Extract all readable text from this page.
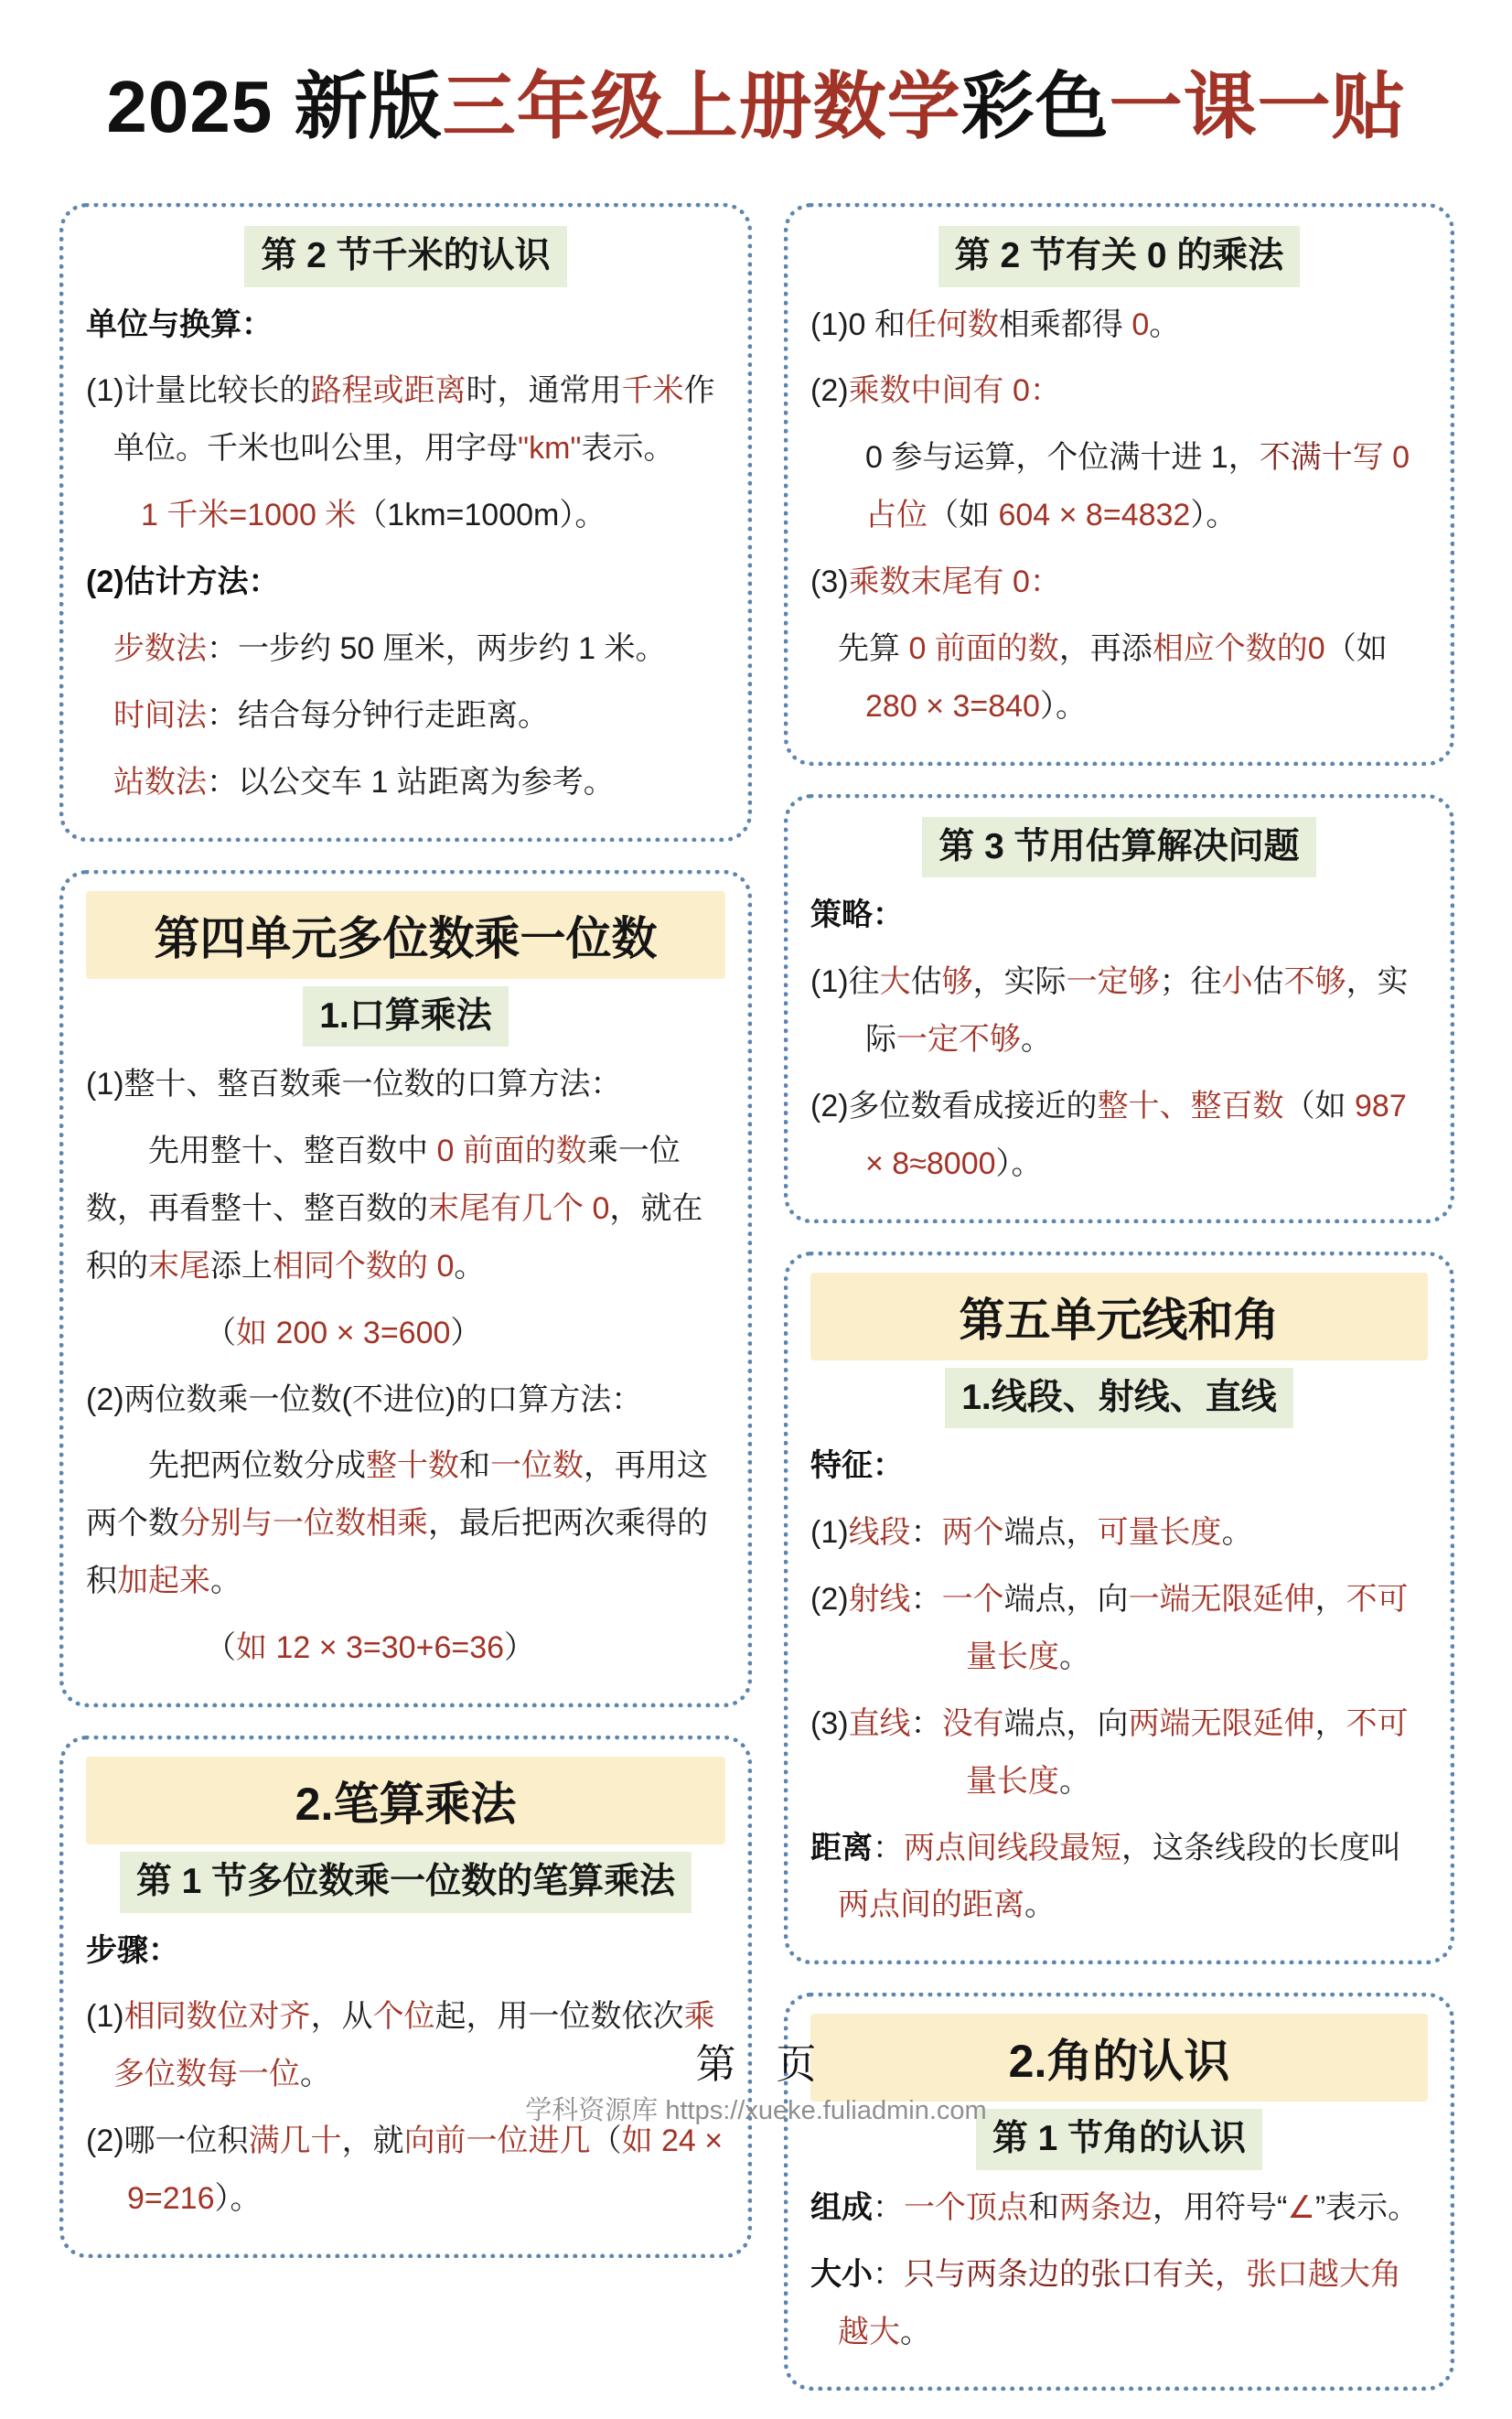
2025 新版三年级上册数学彩色一课一贴
第 2 节千米的认识
单位与换算：
(1)计量比较长的路程或距离时，通常用千米作单位。千米也叫公里，用字母"km"表示。
1 千米=1000 米（1km=1000m）。
(2)估计方法：
步数法：一步约 50 厘米，两步约 1 米。
时间法：结合每分钟行走距离。
站数法：以公交车 1 站距离为参考。
第四单元多位数乘一位数
1.口算乘法
(1)整十、整百数乘一位数的口算方法：
先用整十、整百数中 0 前面的数乘一位数，再看整十、整百数的末尾有几个 0，就在积的末尾添上相同个数的 0。
（如 200 × 3=600）
(2)两位数乘一位数(不进位)的口算方法：
先把两位数分成整十数和一位数，再用这两个数分别与一位数相乘，最后把两次乘得的积加起来。
（如 12 × 3=30+6=36）
2.笔算乘法
第 1 节多位数乘一位数的笔算乘法
步骤：
(1)相同数位对齐，从个位起，用一位数依次乘多位数每一位。
(2)哪一位积满几十，就向前一位进几（如 24 × 9=216）。
第 2 节有关 0 的乘法
(1)0 和任何数相乘都得 0。
(2)乘数中间有 0：
0 参与运算，个位满十进 1，不满十写 0 占位（如 604 × 8=4832）。
(3)乘数末尾有 0：
先算 0 前面的数，再添相应个数的0（如 280 × 3=840）。
第 3 节用估算解决问题
策略：
(1)往大估够，实际一定够；往小估不够，实际一定不够。
(2)多位数看成接近的整十、整百数（如 987 × 8≈8000）。
第五单元线和角
1.线段、射线、直线
特征：
(1)线段：两个端点，可量长度。
(2)射线：一个端点，向一端无限延伸，不可量长度。
(3)直线：没有端点，向两端无限延伸，不可量长度。
距离：两点间线段最短，这条线段的长度叫两点间的距离。
2.角的认识
第 1 节角的认识
组成：一个顶点和两条边，用符号“∠”表示。
大小：只与两条边的张口有关，张口越大角越大。
第　页
学科资源库 https://xueke.fuliadmin.com
